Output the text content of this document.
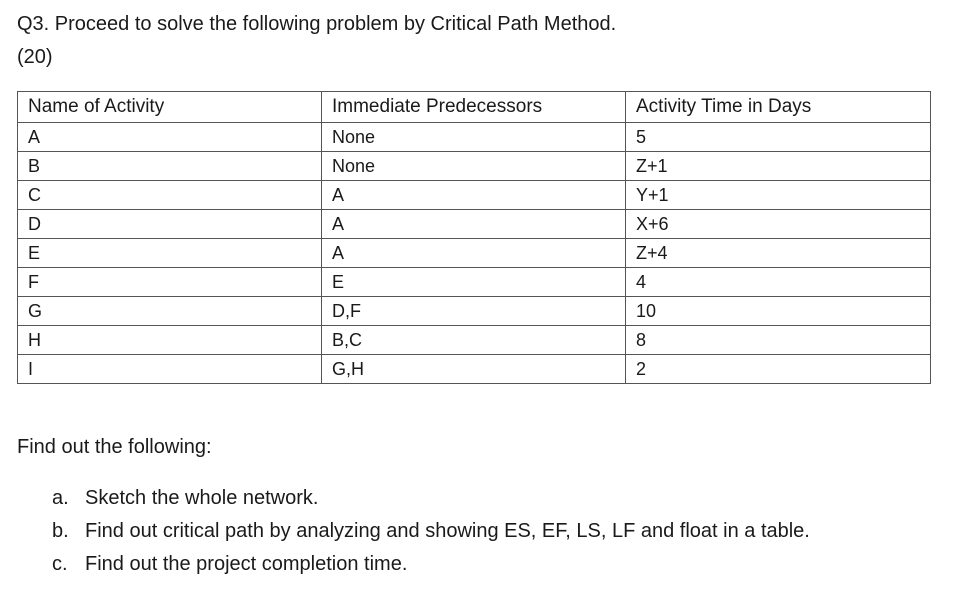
Q3. Proceed to solve the following problem by Critical Path Method.
(20)
Name of Activity	Immediate Predecessors	Activity Time in Days
A	None	5
B	None	Z+1
C	A	Y+1
D	A	X+6
E	A	Z+4
F	E	4
G	D,F	10
H	B,C	8
I	G,H	2
Find out the following:
a. Sketch the whole network.
b. Find out critical path by analyzing and showing ES, EF, LS, LF and float in a table.
c. Find out the project completion time.
